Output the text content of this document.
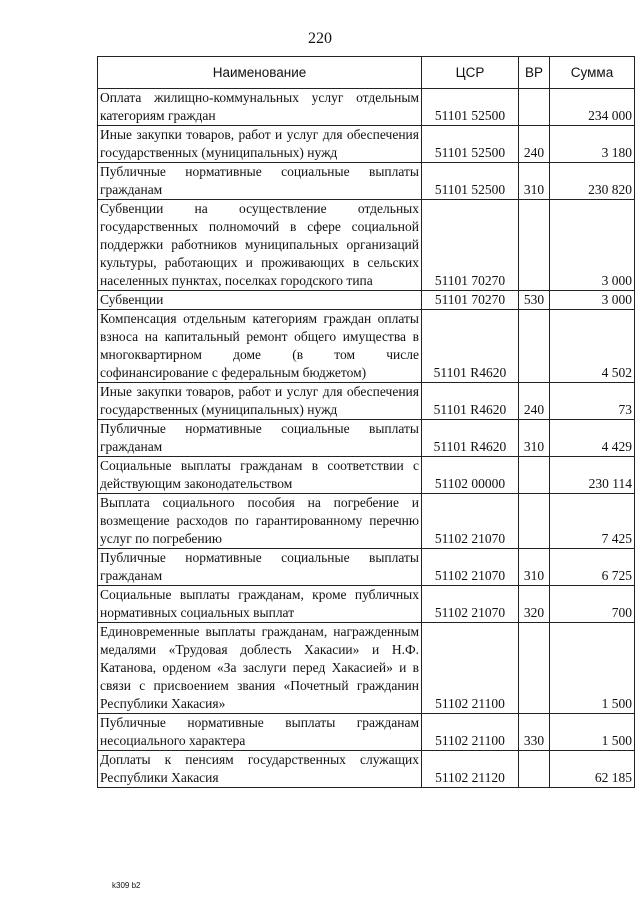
220
Наименование	ЦСР	ВР	Сумма
Оплата жилищно-коммунальных услуг отдельным категориям граждан	51101 52500		234 000
Иные закупки товаров, работ и услуг для обеспечения государственных (муниципальных) нужд	51101 52500	240	3 180
Публичные нормативные социальные выплаты гражданам	51101 52500	310	230 820
Субвенции на осуществление отдельных государственных полномочий в сфере социальной поддержки работников муниципальных организаций культуры, работающих и проживающих в сельских населенных пунктах, поселках городского типа	51101 70270		3 000
Субвенции	51101 70270	530	3 000
Компенсация отдельным категориям граждан оплаты взноса на капитальный ремонт общего имущества в многоквартирном доме (в том числе софинансирование с федеральным бюджетом)	51101 R4620		4 502
Иные закупки товаров, работ и услуг для обеспечения государственных (муниципальных) нужд	51101 R4620	240	73
Публичные нормативные социальные выплаты гражданам	51101 R4620	310	4 429
Социальные выплаты гражданам в соответствии с действующим законодательством	51102 00000		230 114
Выплата социального пособия на погребение и возмещение расходов по гарантированному перечню услуг по погребению	51102 21070		7 425
Публичные нормативные социальные выплаты гражданам	51102 21070	310	6 725
Социальные выплаты гражданам, кроме публичных нормативных социальных выплат	51102 21070	320	700
Единовременные выплаты гражданам, награжденным медалями «Трудовая доблесть Хакасии» и Н.Ф. Катанова, орденом «За заслуги перед Хакасией» и в связи с присвоением звания «Почетный гражданин Республики Хакасия»	51102 21100		1 500
Публичные нормативные выплаты гражданам несоциального характера	51102 21100	330	1 500
Доплаты к пенсиям государственных служащих Республики Хакасия	51102 21120		62 185
k309 b2
